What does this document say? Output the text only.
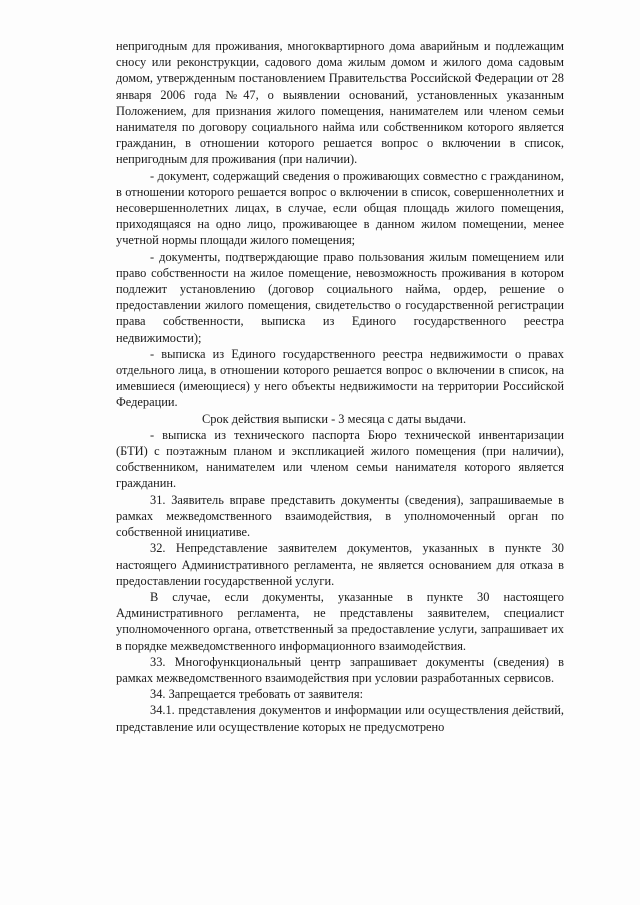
непригодным для проживания, многоквартирного дома аварийным и подлежащим сносу или реконструкции, садового дома жилым домом и жилого дома садовым домом, утвержденным постановлением Правительства Российской Федерации от 28 января 2006 года №47, о выявлении оснований, установленных указанным Положением, для признания жилого помещения, нанимателем или членом семьи нанимателя по договору социального найма или собственником которого является гражданин, в отношении которого решается вопрос о включении в список, непригодным для проживания (при наличии).

- документ, содержащий сведения о проживающих совместно с гражданином, в отношении которого решается вопрос о включении в список, совершеннолетних и несовершеннолетних лицах, в случае, если общая площадь жилого помещения, приходящаяся на одно лицо, проживающее в данном жилом помещении, менее учетной нормы площади жилого помещения;

- документы, подтверждающие право пользования жилым помещением или право собственности на жилое помещение, невозможность проживания в котором подлежит установлению (договор социального найма, ордер, решение о предоставлении жилого помещения, свидетельство о государственной регистрации права собственности, выписка из Единого государственного реестра недвижимости);

- выписка из Единого государственного реестра недвижимости о правах отдельного лица, в отношении которого решается вопрос о включении в список, на имевшиеся (имеющиеся) у него объекты недвижимости на территории Российской Федерации.

Срок действия выписки - 3 месяца с даты выдачи.

- выписка из технического паспорта Бюро технической инвентаризации (БТИ) с поэтажным планом и экспликацией жилого помещения (при наличии), собственником, нанимателем или членом семьи нанимателя которого является гражданин.

31. Заявитель вправе представить документы (сведения), запрашиваемые в рамках межведомственного взаимодействия, в уполномоченный орган по собственной инициативе.

32. Непредставление заявителем документов, указанных в пункте 30 настоящего Административного регламента, не является основанием для отказа в предоставлении государственной услуги.

В случае, если документы, указанные в пункте 30 настоящего Административного регламента, не представлены заявителем, специалист уполномоченного органа, ответственный за предоставление услуги, запрашивает их в порядке межведомственного информационного взаимодействия.

33. Многофункциональный центр запрашивает документы (сведения) в рамках межведомственного взаимодействия при условии разработанных сервисов.

34. Запрещается требовать от заявителя:

34.1. представления документов и информации или осуществления действий, представление или осуществление которых не предусмотрено
